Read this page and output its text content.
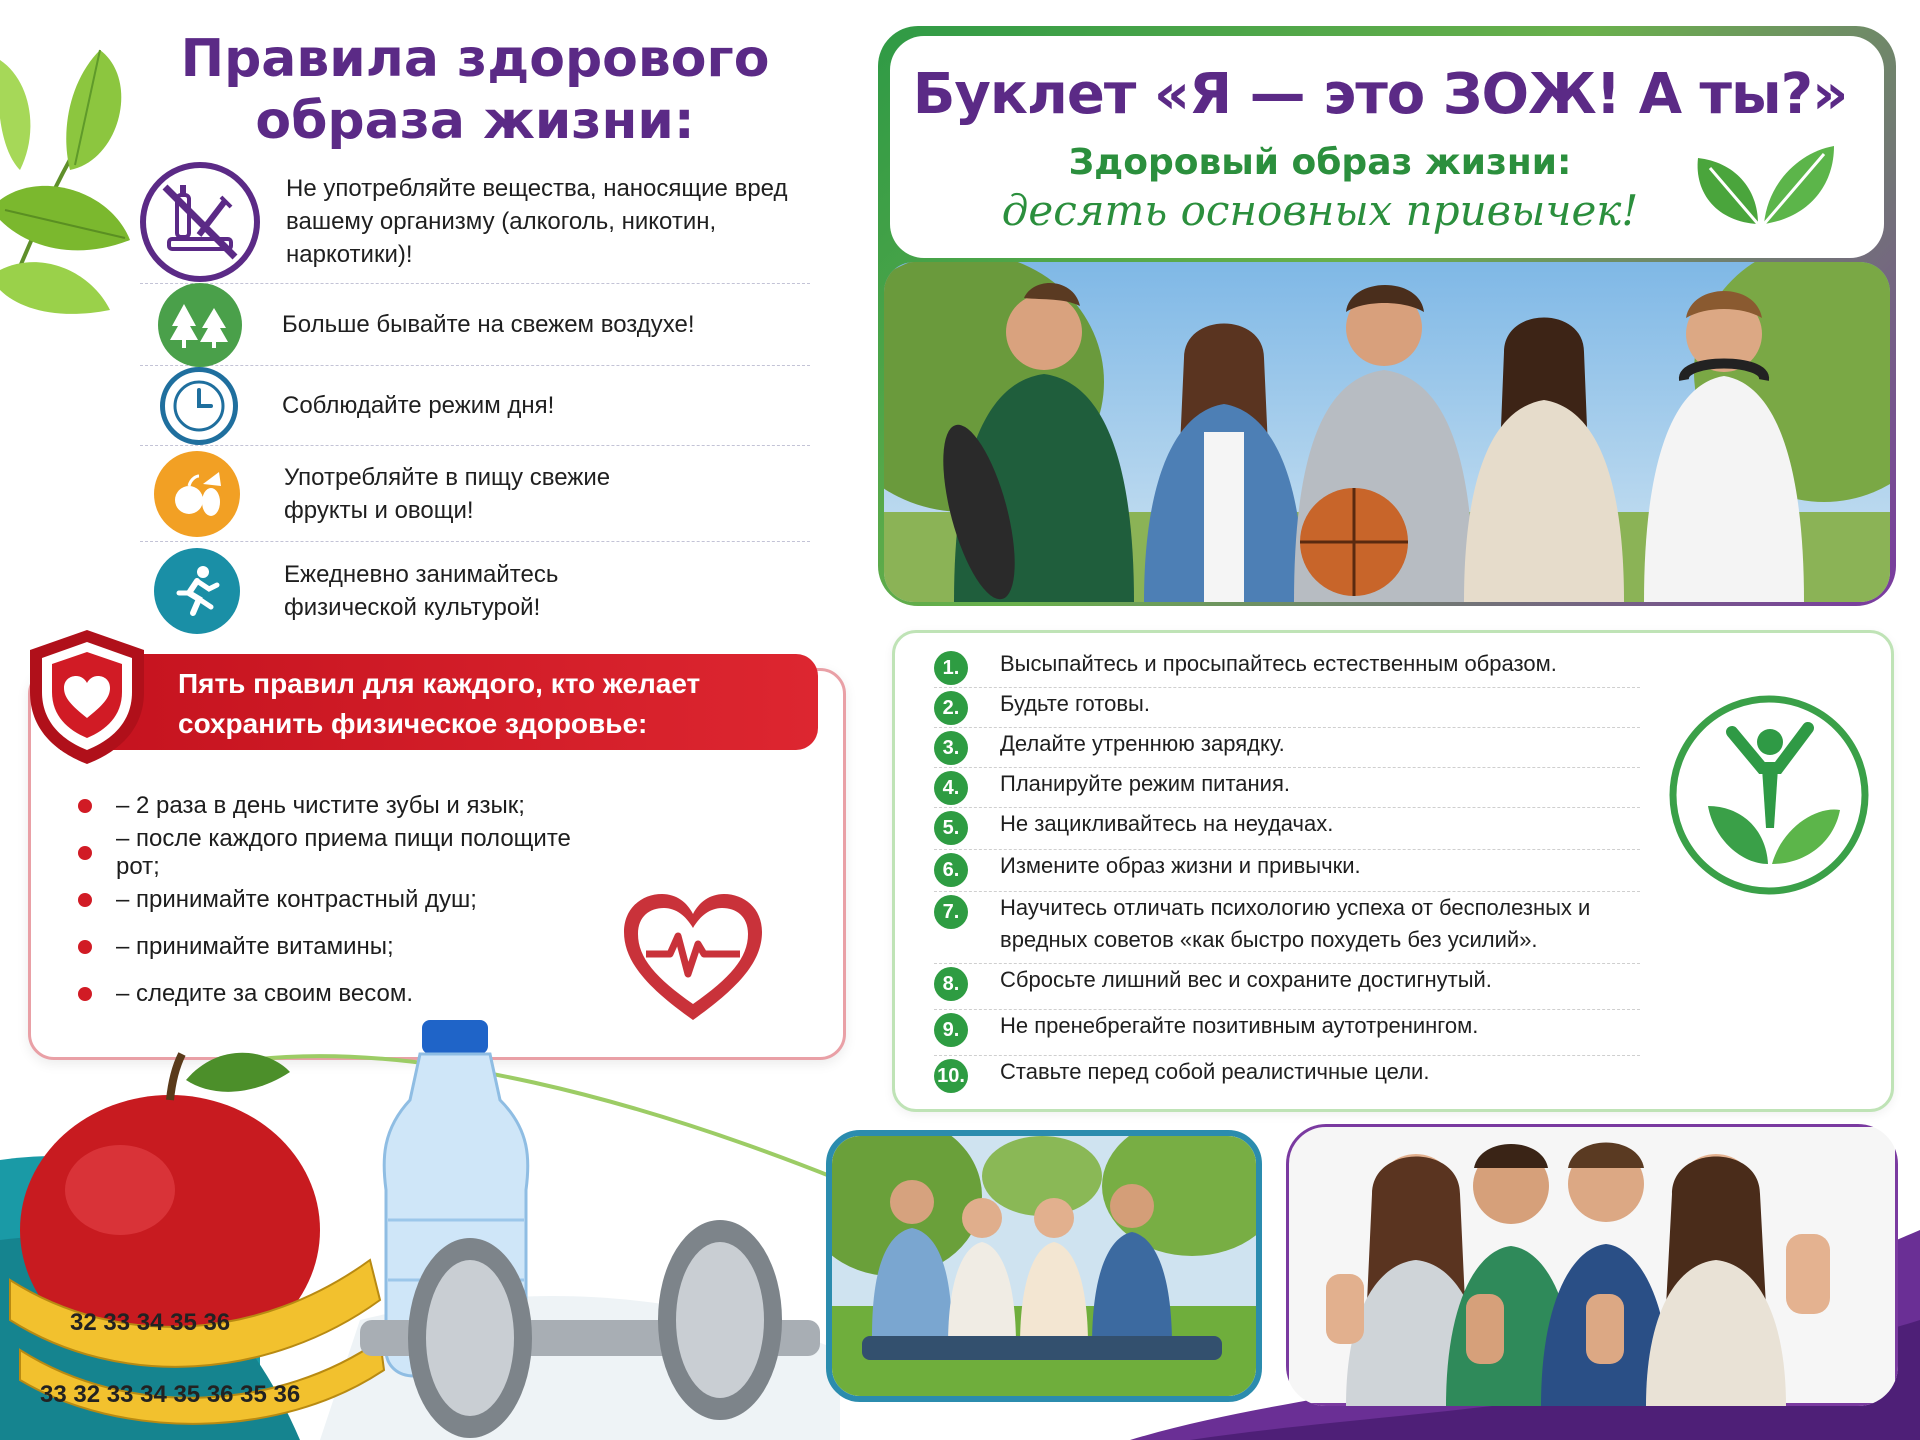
Правила здорового образа жизни:
Не употребляйте вещества, наносящие вред вашему организму (алкоголь, никотин, наркотики)!
Больше бывайте на свежем воздухе!
Соблюдайте режим дня!
Употребляйте в пищу свежие фрукты и овощи!
Ежедневно занимайтесь физической культурой!
Пять правил для каждого, кто желает сохранить физическое здоровье:
– 2 раза в день чистите зубы и язык;
– после каждого приема пищи полощите рот;
– принимайте контрастный душ;
– принимайте витамины;
– следите за своим весом.
32 33 34 35 36
33 32 33 34 35 36 35 36
Буклет «Я — это ЗОЖ! А ты?»
Здоровый образ жизни:
десять основных привычек!
1.	Высыпайтесь и просыпайтесь естественным образом.
2.	Будьте готовы.
3.	Делайте утреннюю зарядку.
4.	Планируйте режим питания.
5.	Не зацикливайтесь на неудачах.
6.	Измените образ жизни и привычки.
7.	Научитесь отличать психологию успеха от бесполезных и вредных советов «как быстро похудеть без усилий».
8.	Сбросьте лишний вес и сохраните достигнутый.
9.	Не пренебрегайте позитивным аутотренингом.
10. Ставьте перед собой реалистичные цели.
